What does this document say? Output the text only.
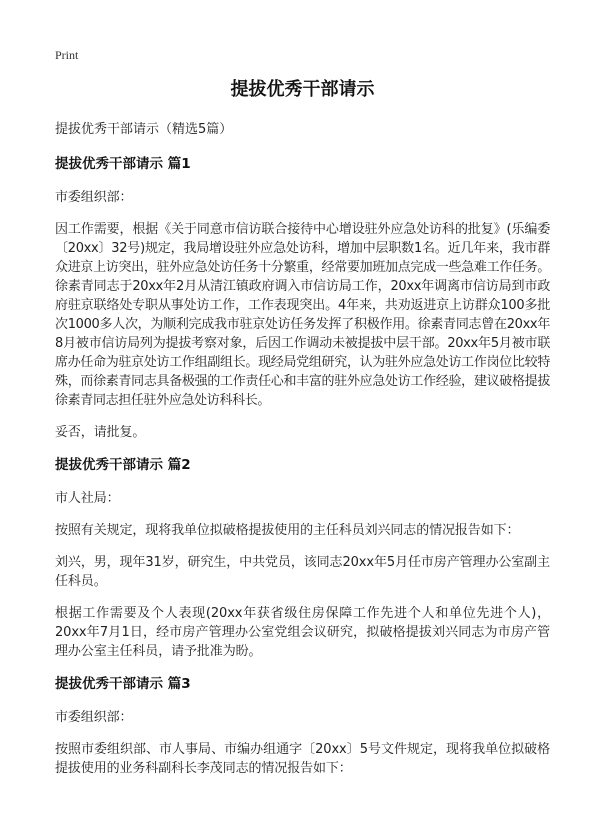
Print
提拔优秀干部请示
提拔优秀干部请示（精选5篇）
提拔优秀干部请示 篇1

市委组织部：

因工作需要，根据《关于同意市信访联合接待中心增设驻外应急处访科的批复》(乐编委〔20xx〕32号)规定，我局增设驻外应急处访科，增加中层职数1名。近几年来，我市群众进京上访突出，驻外应急处访任务十分繁重，经常要加班加点完成一些急难工作任务。徐素青同志于20xx年2月从清江镇政府调入市信访局工作，20xx年调离市信访局到市政府驻京联络处专职从事处访工作，工作表现突出。4年来，共劝返进京上访群众100多批次1000多人次，为顺利完成我市驻京处访任务发挥了积极作用。徐素青同志曾在20xx年8月被市信访局列为提拔考察对象，后因工作调动未被提拔中层干部。20xx年5月被市联席办任命为驻京处访工作组副组长。现经局党组研究，认为驻外应急处访工作岗位比较特殊，而徐素青同志具备极强的工作责任心和丰富的驻外应急处访工作经验，建议破格提拔徐素青同志担任驻外应急处访科科长。

妥否，请批复。

提拔优秀干部请示 篇2

市人社局：

按照有关规定，现将我单位拟破格提拔使用的主任科员刘兴同志的情况报告如下：

刘兴，男，现年31岁，研究生，中共党员，该同志20xx年5月任市房产管理办公室副主任科员。

根据工作需要及个人表现(20xx年获省级住房保障工作先进个人和单位先进个人)，20xx年7月1日，经市房产管理办公室党组会议研究，拟破格提拔刘兴同志为市房产管理办公室主任科员，请予批准为盼。

提拔优秀干部请示 篇3

市委组织部：

按照市委组织部、市人事局、市编办组通字〔20xx〕5号文件规定，现将我单位拟破格提拔使用的业务科副科长李茂同志的情况报告如下：
